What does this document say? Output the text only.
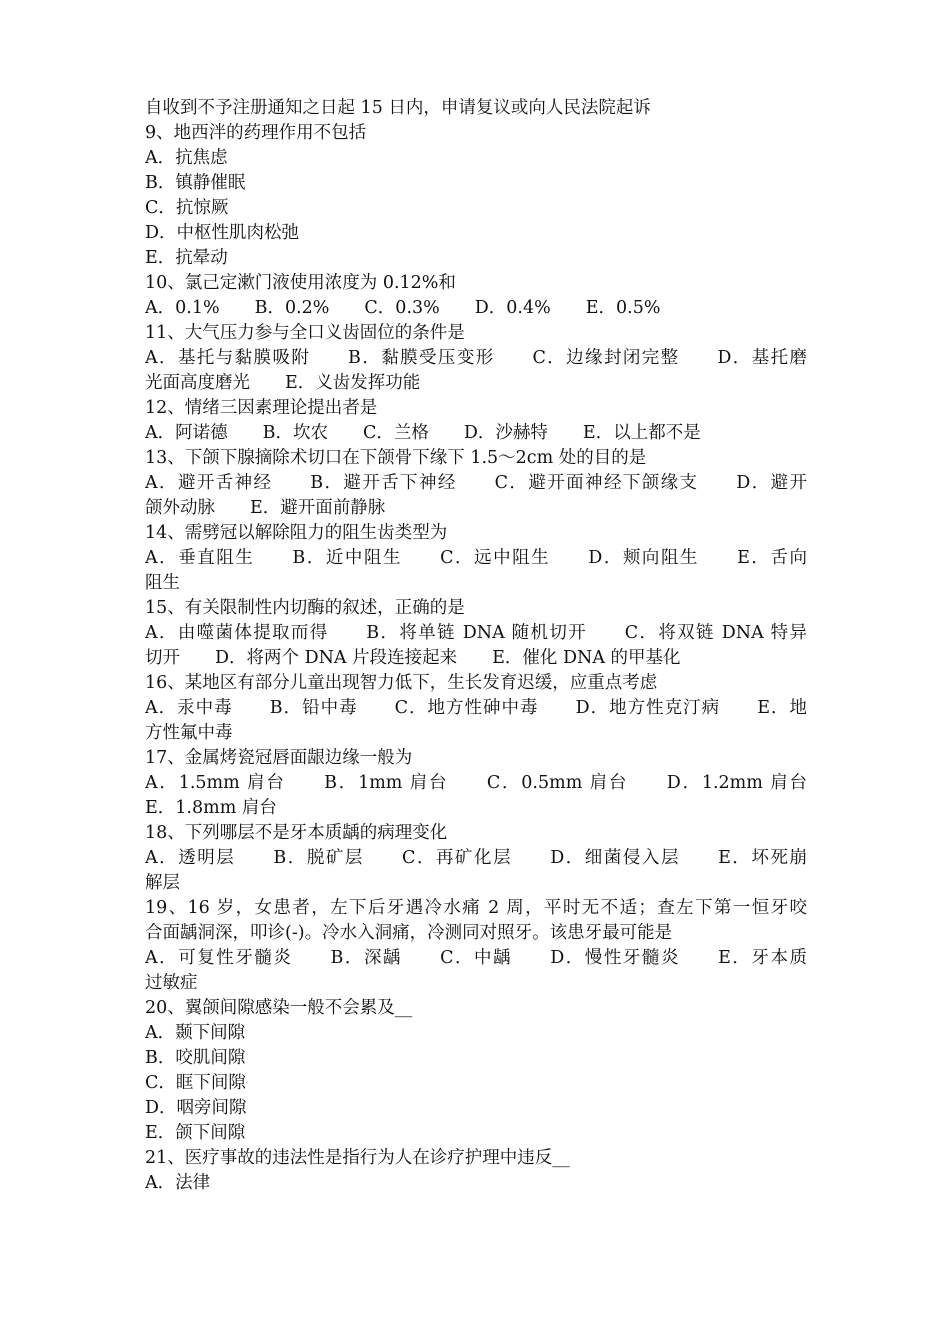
自收到不予注册通知之日起 15 日内，申请复议或向人民法院起诉
9、地西泮的药理作用不包括
A．抗焦虑
B．镇静催眠
C．抗惊厥
D．中枢性肌肉松弛
E．抗晕动
10、氯己定漱门液使用浓度为 0.12%和
A．0.1%　　B．0.2%　　C．0.3%　　D．0.4%　　E．0.5%
11、大气压力参与全口义齿固位的条件是
A．基托与黏膜吸附　　B．黏膜受压变形　　C．边缘封闭完整　　D．基托磨
光面高度磨光　　E．义齿发挥功能
12、情绪三因素理论提出者是
A．阿诺德　　B．坎农　　C．兰格　　D．沙赫特　　E．以上都不是
13、下颌下腺摘除术切口在下颌骨下缘下 1.5～2cm 处的目的是
A．避开舌神经　　B．避开舌下神经　　C．避开面神经下颌缘支　　D．避开
颌外动脉　　E．避开面前静脉
14、需劈冠以解除阻力的阻生齿类型为
A．垂直阻生　　B．近中阻生　　C．远中阻生　　D．颊向阻生　　E．舌向
阻生
15、有关限制性内切酶的叙述，正确的是
A．由噬菌体提取而得　　B．将单链 DNA 随机切开　　C．将双链 DNA 特异
切开　　D．将两个 DNA 片段连接起来　　E．催化 DNA 的甲基化
16、某地区有部分儿童出现智力低下，生长发育迟缓，应重点考虑
A．汞中毒　　B．铅中毒　　C．地方性砷中毒　　D．地方性克汀病　　E．地
方性氟中毒
17、金属烤瓷冠唇面龈边缘一般为
A．1.5mm 肩台　　B．1mm 肩台　　C．0.5mm 肩台　　D．1.2mm 肩台
E．1.8mm 肩台
18、下列哪层不是牙本质龋的病理变化
A．透明层　　B．脱矿层　　C．再矿化层　　D．细菌侵入层　　E．坏死崩
解层
19、16 岁，女患者，左下后牙遇冷水痛 2 周，平时无不适；查左下第一恒牙咬
合面龋洞深，叩诊(-)。冷水入洞痛，冷测同对照牙。该患牙最可能是
A．可复性牙髓炎　　B．深龋　　C．中龋　　D．慢性牙髓炎　　E．牙本质
过敏症
20、翼颌间隙感染一般不会累及__
A．颞下间隙
B．咬肌间隙
C．眶下间隙
D．咽旁间隙
E．颌下间隙
21、医疗事故的违法性是指行为人在诊疗护理中违反__
A．法律
